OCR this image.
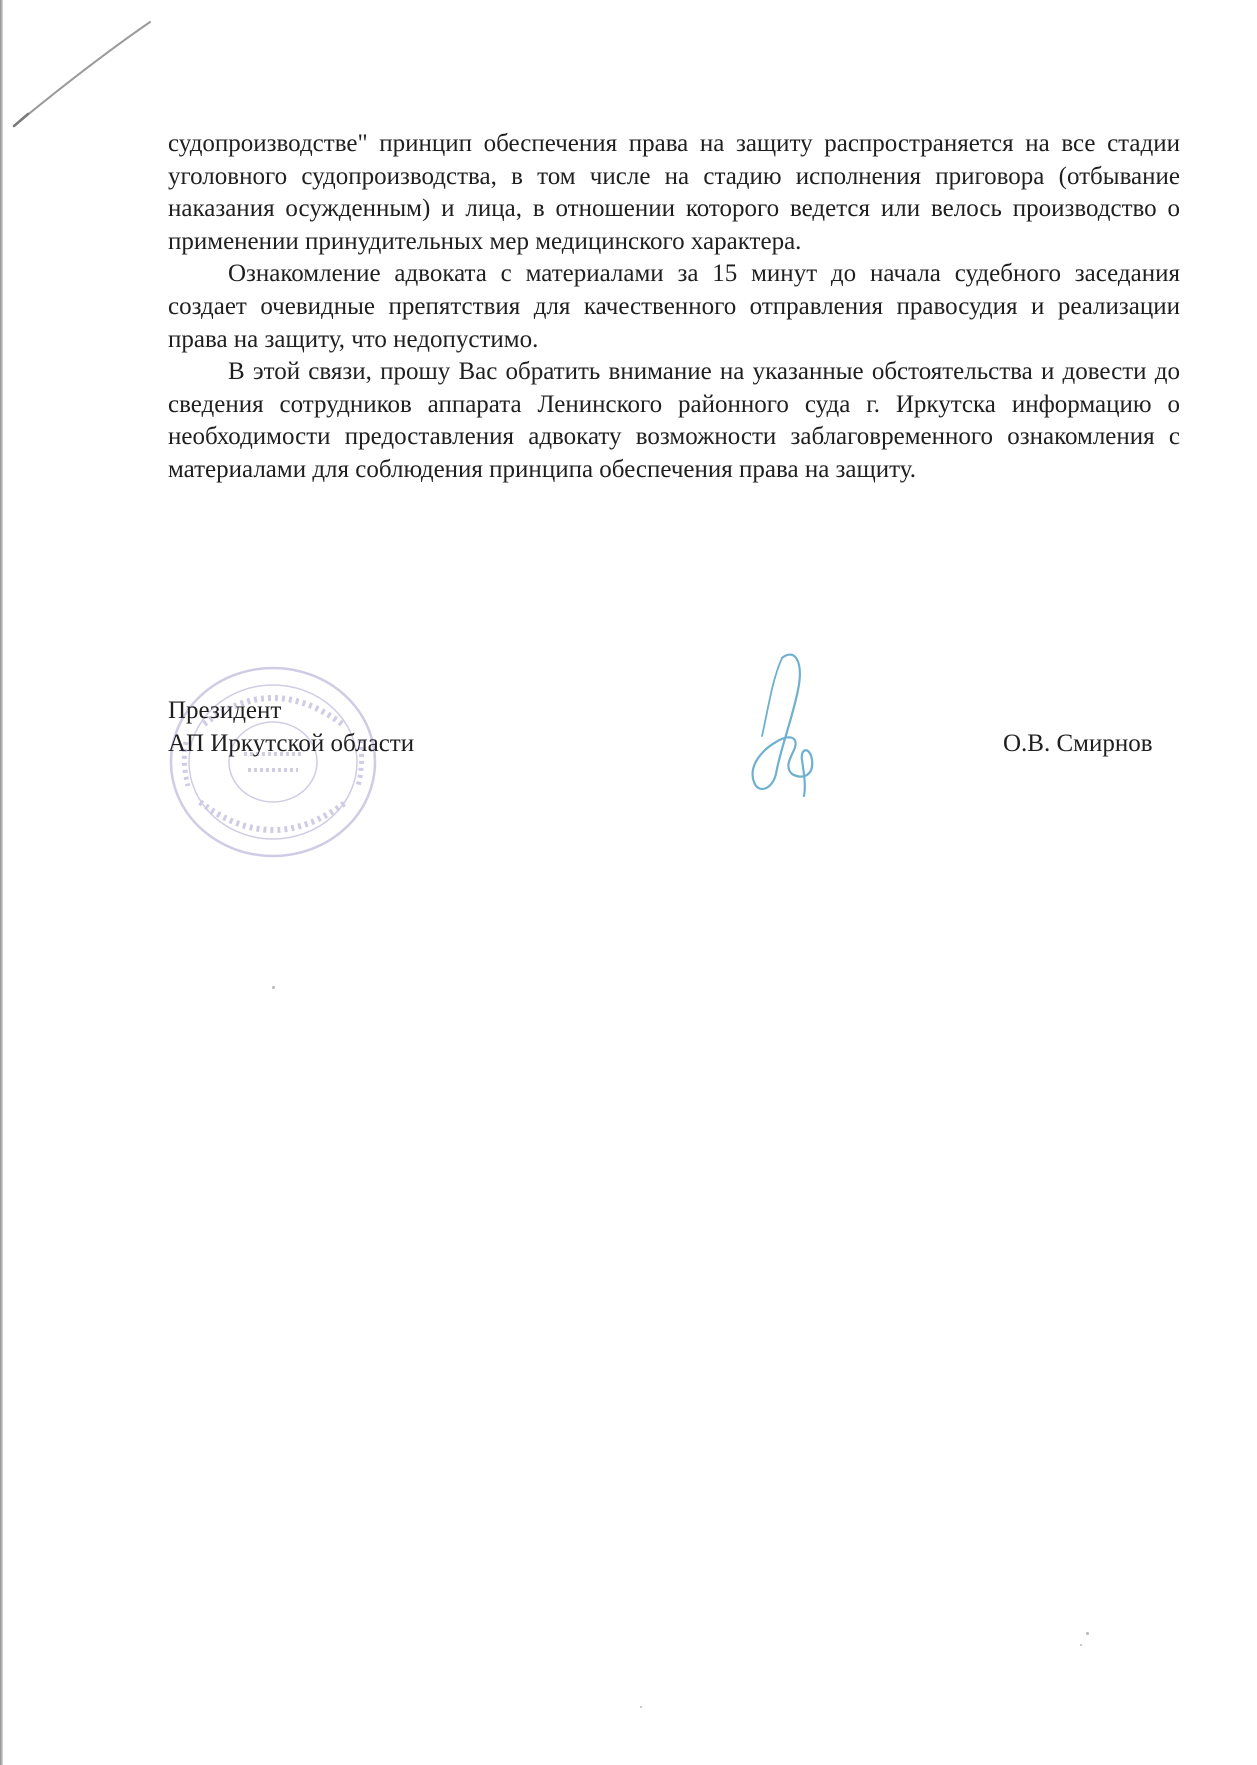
судопроизводстве" принцип обеспечения права на защиту распространяется на все стадии уголовного судопроизводства, в том числе на стадию исполнения приговора (отбывание наказания осужденным) и лица, в отношении которого ведется или велось производство о применении принудительных мер медицинского характера.

Ознакомление адвоката с материалами за 15 минут до начала судебного заседания создает очевидные препятствия для качественного отправления правосудия и реализации права на защиту, что недопустимо.

В этой связи, прошу Вас обратить внимание на указанные обстоятельства и довести до сведения сотрудников аппарата Ленинского районного суда г. Иркутска информацию о необходимости предоставления адвокату возможности заблаговременного ознакомления с материалами для соблюдения принципа обеспечения права на защиту.

Президент
АП Иркутской области	О.В. Смирнов
